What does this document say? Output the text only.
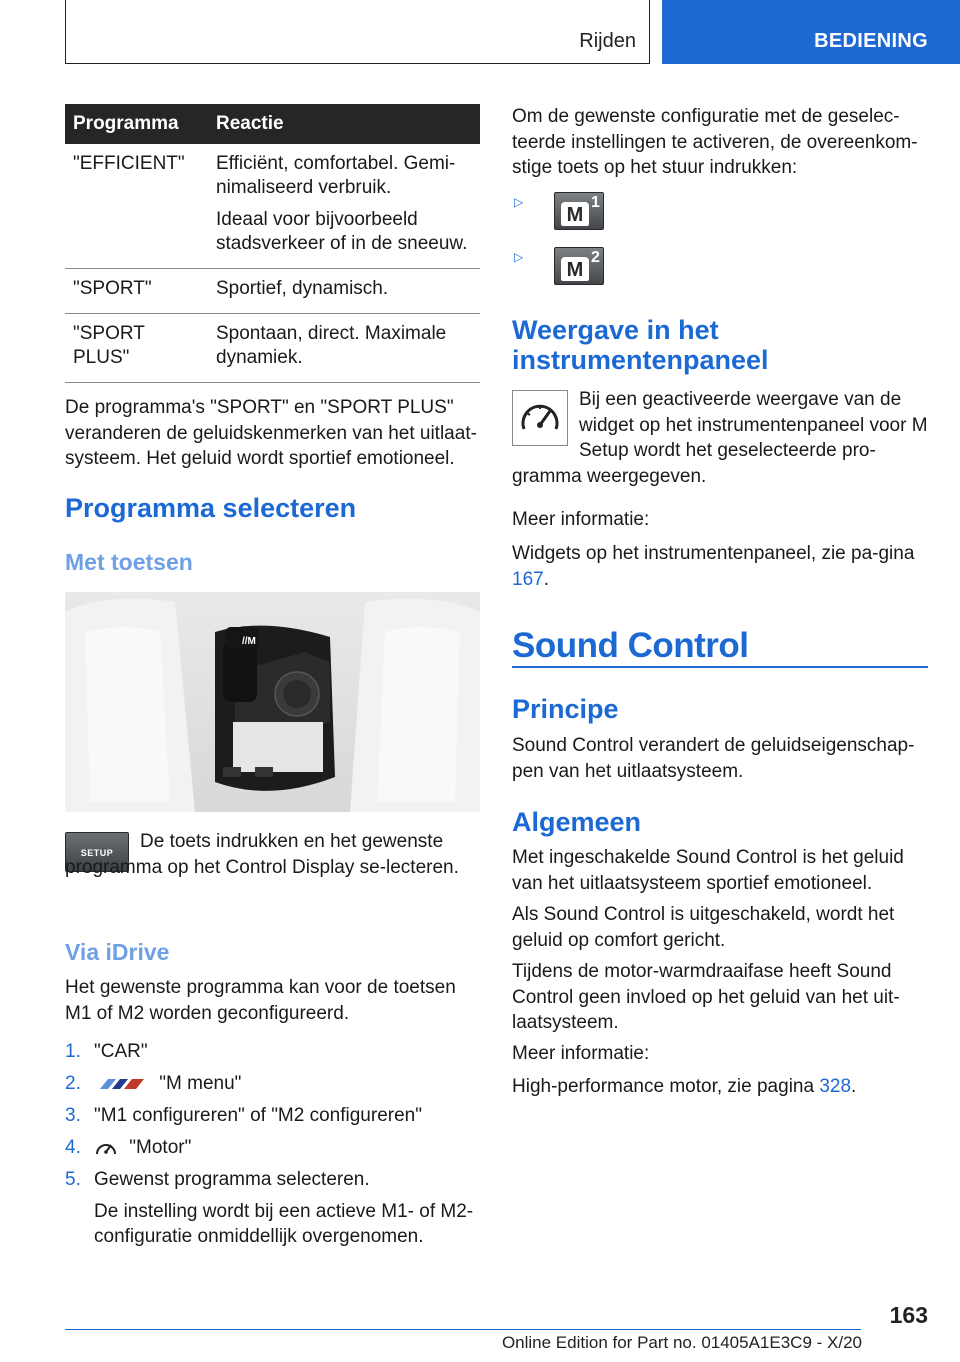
Rijden	BEDIENING
Programma	Reactie
"EFFICIENT"	Efficiënt, comfortabel. Gemi-nimaliseerd verbruik.

Ideaal voor bijvoorbeeld stadsverkeer of in de sneeuw.

"SPORT"	Sportief, dynamisch.

"SPORT PLUS"	Spontaan, direct. Maximale dynamiek.

De programma's "SPORT" en "SPORT PLUS" veranderen de geluidskenmerken van het uitlaat-systeem. Het geluid wordt sportief emotioneel.

Programma selecteren
Met toetsen
//M
SETUP

De toets indrukken en het gewenste programma op het Control Display se-lecteren.

Via iDrive

Het gewenste programma kan voor de toetsen M1 of M2 worden geconfigureerd.

1. "CAR"
2.	"M menu"
3. "M1 configureren" of "M2 configureren"
4.	"Motor"
5. Gewenst programma selecteren.
De instelling wordt bij een actieve M1- of M2-configuratie onmiddellijk overgenomen.

Om de gewenste configuratie met de geselec-teerde instellingen te activeren, de overeenkom-stige toets op het stuur indrukken:

▷
M
1
▷
M
2
Weergave in het instrumentenpaneel

Bij een geactiveerde weergave van de widget op het instrumentenpaneel voor M Setup wordt het geselecteerde pro-gramma weergegeven.

Meer informatie:

Widgets op het instrumentenpaneel, zie pa-gina 167.

Sound Control
Principe

Sound Control verandert de geluidseigenschap-pen van het uitlaatsysteem.

Algemeen

Met ingeschakelde Sound Control is het geluid van het uitlaatsysteem sportief emotioneel.

Als Sound Control is uitgeschakeld, wordt het geluid op comfort gericht.

Tijdens de motor-warmdraaifase heeft Sound Control geen invloed op het geluid van het uit-laatsysteem.

Meer informatie:

High-performance motor, zie pagina 328.

163
Online Edition for Part no. 01405A1E3C9 - X/20
